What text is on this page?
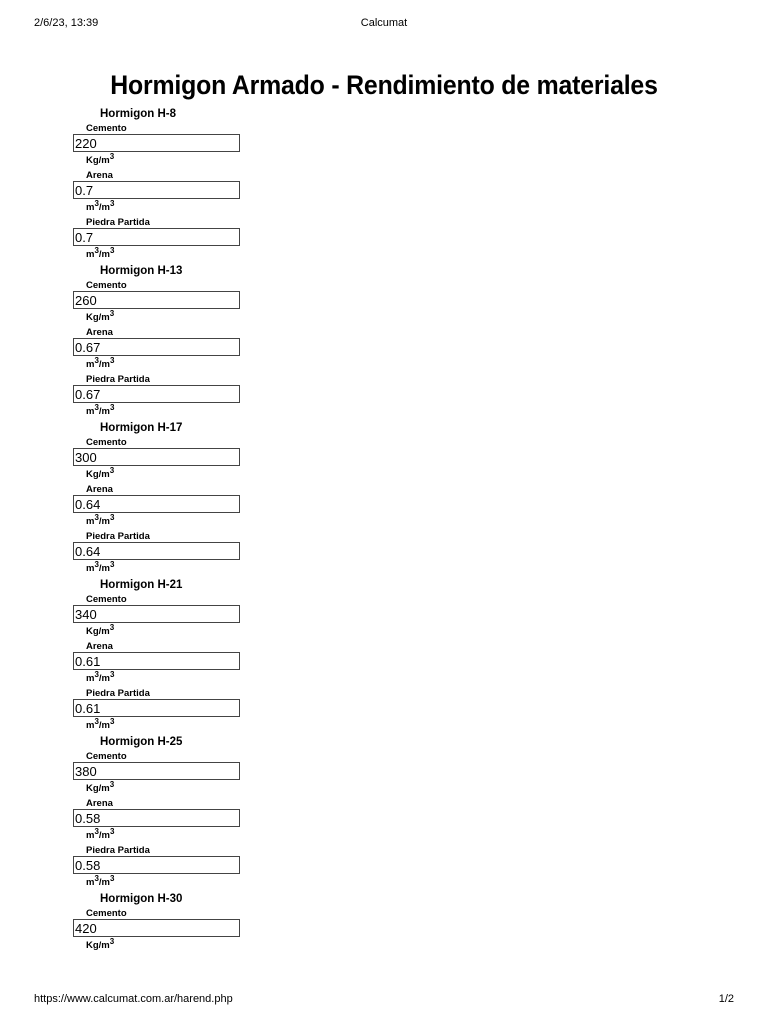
2/6/23, 13:39	Calcumat
Hormigon Armado - Rendimiento de materiales
Hormigon H-8
Cemento
220
$Kg/m^3$
Arena
0.7
$m^3/m^3$
Piedra Partida
0.7
$m^3/m^3$
Hormigon H-13
Cemento
260
$Kg/m^3$
Arena
0.67
$m^3/m^3$
Piedra Partida
0.67
$m^3/m^3$
Hormigon H-17
Cemento
300
$Kg/m^3$
Arena
0.64
$m^3/m^3$
Piedra Partida
0.64
$m^3/m^3$
Hormigon H-21
Cemento
340
$Kg/m^3$
Arena
0.61
$m^3/m^3$
Piedra Partida
0.61
$m^3/m^3$
Hormigon H-25
Cemento
380
$Kg/m^3$
Arena
0.58
$m^3/m^3$
Piedra Partida
0.58
$m^3/m^3$
Hormigon H-30
Cemento
420
$Kg/m^3$
https://www.calcumat.com.ar/harend.php	1/2
